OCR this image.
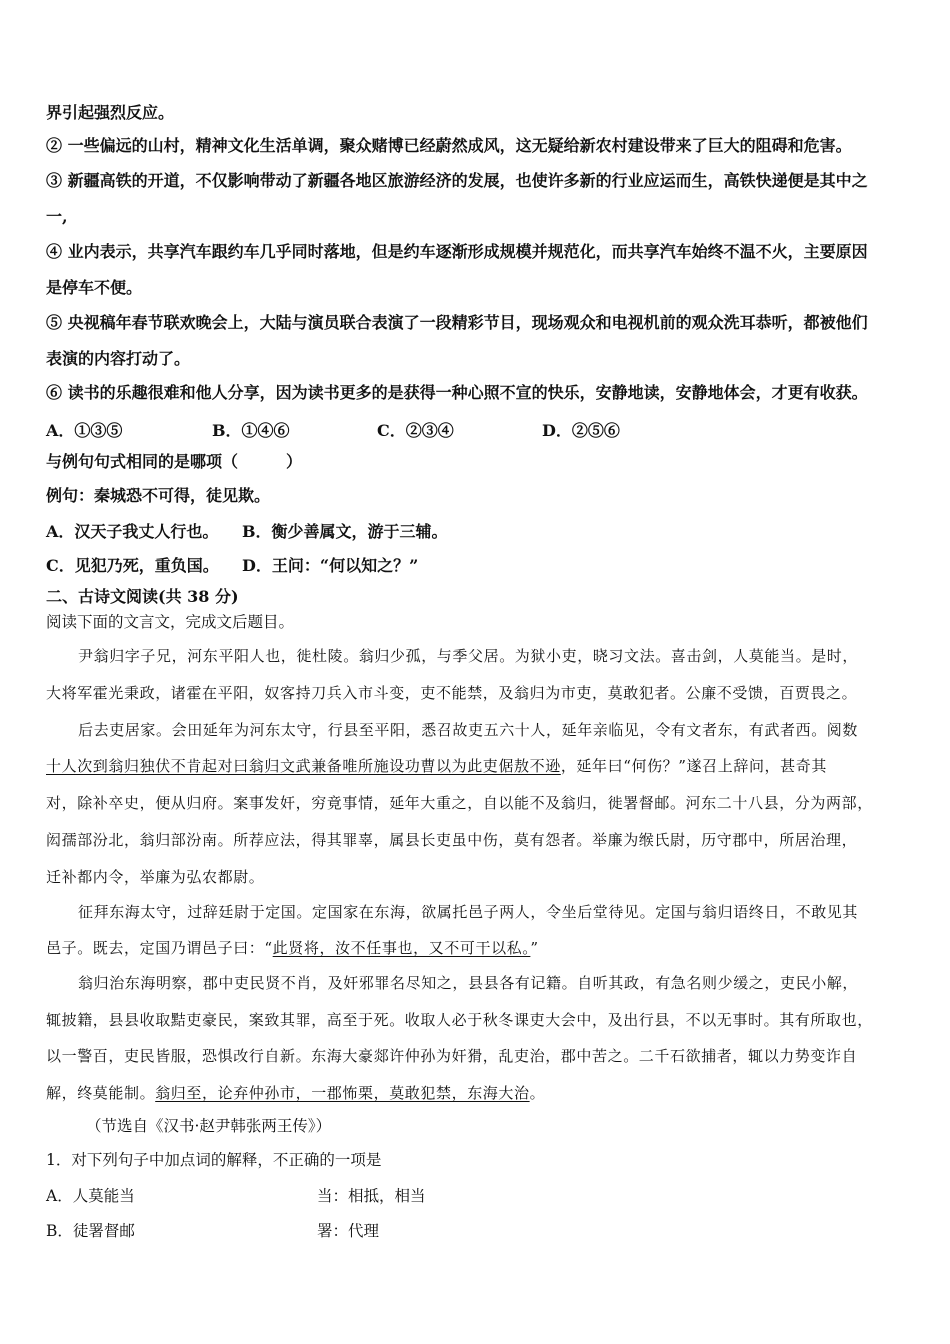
界引起强烈反应。
② 一些偏远的山村，精神文化生活单调，聚众赌博已经蔚然成风，这无疑给新农村建设带来了巨大的阻碍和危害。
③ 新疆高铁的开道，不仅影响带动了新疆各地区旅游经济的发展，也使许多新的行业应运而生，高铁快递便是其中之
一,
④ 业内表示，共享汽车跟约车几乎同时落地，但是约车逐渐形成规模并规范化，而共享汽车始终不温不火，主要原因
是停车不便。
⑤ 央视稿年春节联欢晚会上，大陆与演员联合表演了一段精彩节目，现场观众和电视机前的观众洗耳恭听，都被他们
表演的内容打动了。
⑥ 读书的乐趣很难和他人分享，因为读书更多的是获得一种心照不宣的快乐，安静地读，安静地体会，才更有收获。
A．①③⑤	B．①④⑥	C．②③④	D．②⑤⑥
与例句句式相同的是哪项（　　　）
例句：秦城恐不可得，徒见欺。
A．汉天子我丈人行也。 B．衡少善属文，游于三辅。
C．见犯乃死，重负国。 D．王问：“何以知之？”
二、古诗文阅读(共 38 分)
阅读下面的文言文，完成文后题目。
尹翁归字子兄，河东平阳人也，徙杜陵。翁归少孤，与季父居。为狱小吏，晓习文法。喜击剑，人莫能当。是时，
大将军霍光秉政，诸霍在平阳，奴客持刀兵入市斗变，吏不能禁，及翁归为市吏，莫敢犯者。公廉不受馈，百贾畏之。
后去吏居家。会田延年为河东太守，行县至平阳，悉召故吏五六十人，延年亲临见，令有文者东，有武者西。阅数
十人次到翁归独伏不肯起对曰翁归文武兼备唯所施设功曹以为此吏倨敖不逊，延年曰“何伤？”遂召上辞问，甚奇其
对，除补卒史，便从归府。案事发奸，穷竟事情，延年大重之，自以能不及翁归，徙署督邮。河东二十八县，分为两部，
闳孺部汾北，翁归部汾南。所荐应法，得其罪辜，属县长吏虽中伤，莫有怨者。举廉为缑氏尉，历守郡中，所居治理，
迁补都内令，举廉为弘农都尉。
征拜东海太守，过辞廷尉于定国。定国家在东海，欲属托邑子两人，令坐后堂待见。定国与翁归语终日，不敢见其
邑子。既去，定国乃谓邑子曰：“此贤将，汝不任事也，又不可干以私。”
翁归治东海明察，郡中吏民贤不肖，及奸邪罪名尽知之，县县各有记籍。自听其政，有急名则少缓之，吏民小解，
辄披籍，县县收取黠吏豪民，案致其罪，高至于死。收取人必于秋冬课吏大会中，及出行县，不以无事时。其有所取也，
以一警百，吏民皆服，恐惧改行自新。东海大豪郯许仲孙为奸猾，乱吏治，郡中苦之。二千石欲捕者，辄以力势变诈自
解，终莫能制。翁归至，论弃仲孙市，一郡怖栗，莫敢犯禁，东海大治。
（节选自《汉书·赵尹韩张两王传》）
1．对下列句子中加点词的解释，不正确的一项是
A．人莫能当	当：相抵，相当
B．徒署督邮	署：代理
